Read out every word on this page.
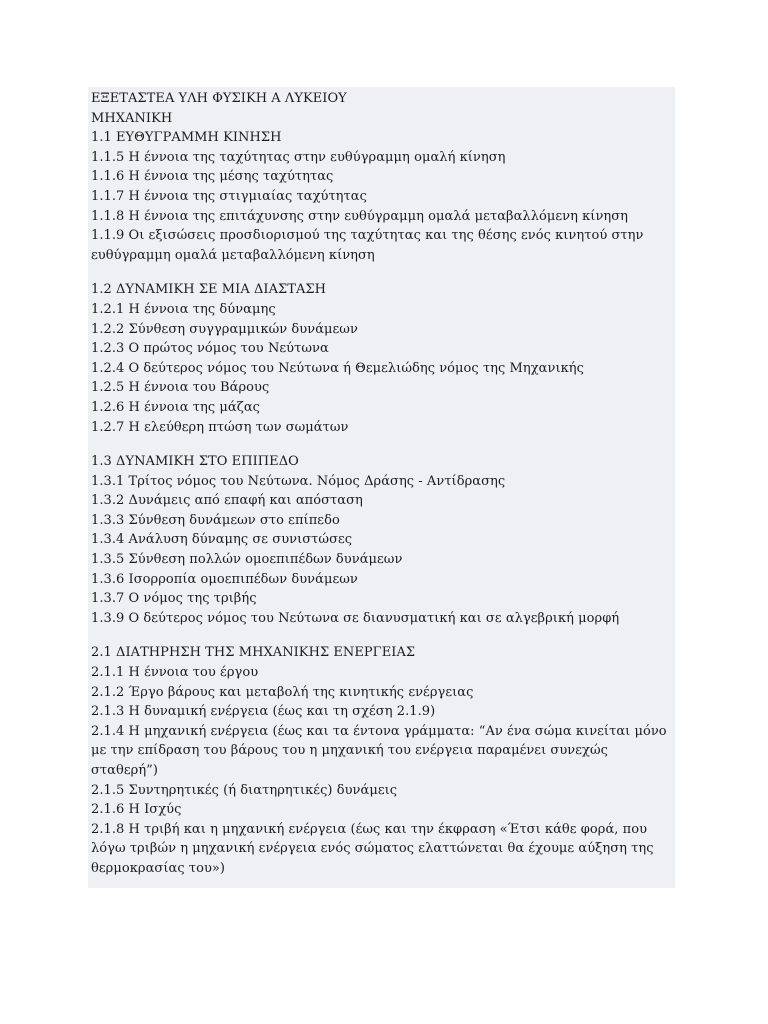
ΕΞΕΤΑΣΤΕΑ ΥΛΗ ΦΥΣΙΚΗ Α ΛΥΚΕΙΟΥ

ΜΗΧΑΝΙΚΗ

1.1 ΕΥΘΥΓΡΑΜΜΗ ΚΙΝΗΣΗ

1.1.5 Η έννοια της ταχύτητας στην ευθύγραμμη ομαλή κίνηση

1.1.6 Η έννοια της μέσης ταχύτητας

1.1.7 Η έννοια της στιγμιαίας ταχύτητας

1.1.8 Η έννοια της επιτάχυνσης στην ευθύγραμμη ομαλά μεταβαλλόμενη κίνηση

1.1.9 Οι εξισώσεις προσδιορισμού της ταχύτητας και της θέσης ενός κινητού στην ευθύγραμμη ομαλά μεταβαλλόμενη κίνηση

1.2 ΔΥΝΑΜΙΚΗ ΣΕ ΜΙΑ ΔΙΑΣΤΑΣΗ

1.2.1 Η έννοια της δύναμης

1.2.2 Σύνθεση συγγραμμικών δυνάμεων

1.2.3 Ο πρώτος νόμος του Νεύτωνα

1.2.4 Ο δεύτερος νόμος του Νεύτωνα ή Θεμελιώδης νόμος της Μηχανικής

1.2.5 Η έννοια του Βάρους

1.2.6 Η έννοια της μάζας

1.2.7 Η ελεύθερη πτώση των σωμάτων

1.3 ΔΥΝΑΜΙΚΗ ΣΤΟ ΕΠΙΠΕΔΟ

1.3.1 Τρίτος νόμος του Νεύτωνα. Νόμος Δράσης - Αντίδρασης

1.3.2 Δυνάμεις από επαφή και απόσταση

1.3.3 Σύνθεση δυνάμεων στο επίπεδο

1.3.4 Ανάλυση δύναμης σε συνιστώσες

1.3.5 Σύνθεση πολλών ομοεπιπέδων δυνάμεων

1.3.6 Ισορροπία ομοεπιπέδων δυνάμεων

1.3.7 Ο νόμος της τριβής

1.3.9 Ο δεύτερος νόμος του Νεύτωνα σε διανυσματική και σε αλγεβρική μορφή

2.1 ΔΙΑΤΗΡΗΣΗ ΤΗΣ ΜΗΧΑΝΙΚΗΣ ΕΝΕΡΓΕΙΑΣ

2.1.1 Η έννοια του έργου

2.1.2 Έργο βάρους και μεταβολή της κινητικής ενέργειας

2.1.3 Η δυναμική ενέργεια (έως και τη σχέση 2.1.9)

2.1.4 Η μηχανική ενέργεια (έως και τα έντονα γράμματα: “Αν ένα σώμα κινείται μόνο με την επίδραση του βάρους του η μηχανική του ενέργεια παραμένει συνεχώς σταθερή”)

2.1.5 Συντηρητικές (ή διατηρητικές) δυνάμεις

2.1.6 Η Ισχύς

2.1.8 Η τριβή και η μηχανική ενέργεια (έως και την έκφραση «Έτσι κάθε φορά, που λόγω τριβών η μηχανική ενέργεια ενός σώματος ελαττώνεται θα έχουμε αύξηση της θερμοκρασίας του»)
